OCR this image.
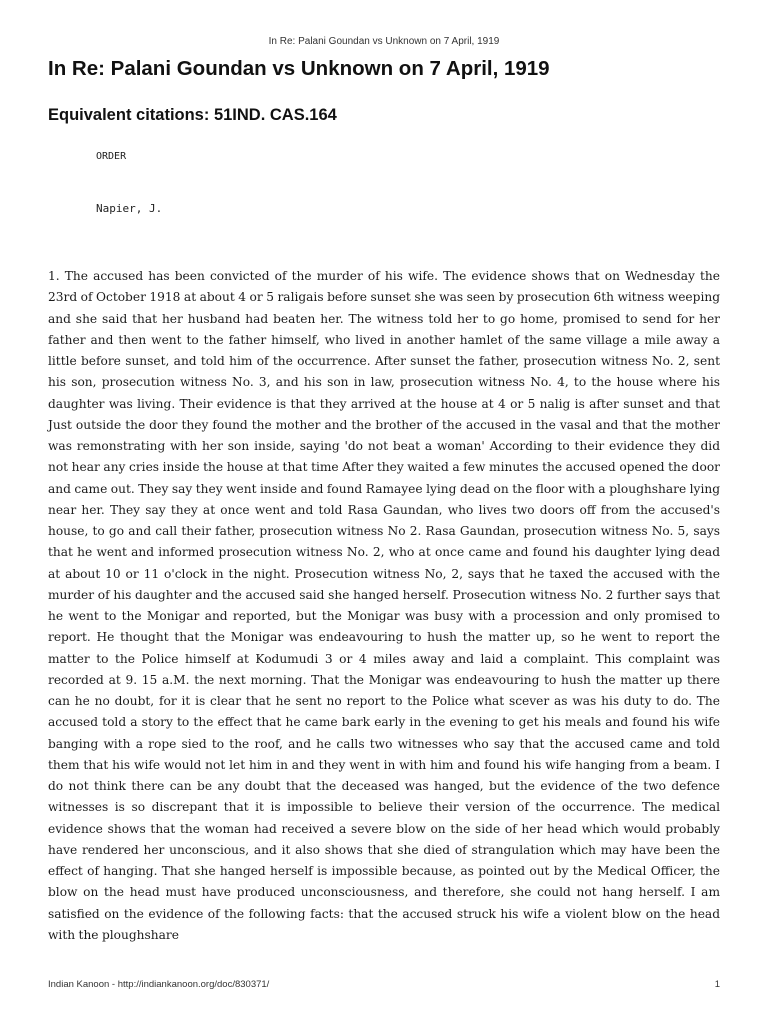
In Re: Palani Goundan vs Unknown on 7 April, 1919
In Re: Palani Goundan vs Unknown on 7 April, 1919
Equivalent citations: 51IND. CAS.164
ORDER
Napier, J.

1. The accused has been convicted of the murder of his wife. The evidence shows that on Wednesday the 23rd of October 1918 at about 4 or 5 raligais before sunset she was seen by prosecution 6th witness weeping and she said that her husband had beaten her. The witness told her to go home, promised to send for her father and then went to the father himself, who lived in another hamlet of the same village a mile away a little before sunset, and told him of the occurrence. After sunset the father, prosecution witness No. 2, sent his son, prosecution witness No. 3, and his son in law, prosecution witness No. 4, to the house where his daughter was living. Their evidence is that they arrived at the house at 4 or 5 nalig is after sunset and that Just outside the door they found the mother and the brother of the accused in the vasal and that the mother was remonstrating with her son inside, saying 'do not beat a woman' According to their evidence they did not hear any cries inside the house at that time After they waited a few minutes the accused opened the door and came out. They say they went inside and found Ramayee lying dead on the floor with a ploughshare lying near her. They say they at once went and told Rasa Gaundan, who lives two doors off from the accused's house, to go and call their father, prosecution witness No 2. Rasa Gaundan, prosecution witness No. 5, says that he went and informed prosecution witness No. 2, who at once came and found his daughter lying dead at about 10 or 11 o'clock in the night. Prosecution witness No, 2, says that he taxed the accused with the murder of his daughter and the accused said she hanged herself. Prosecution witness No. 2 further says that he went to the Monigar and reported, but the Monigar was busy with a procession and only promised to report. He thought that the Monigar was endeavouring to hush the matter up, so he went to report the matter to the Police himself at Kodumudi 3 or 4 miles away and laid a complaint. This complaint was recorded at 9. 15 a.M. the next morning. That the Monigar was endeavouring to hush the matter up there can he no doubt, for it is clear that he sent no report to the Police what scever as was his duty to do. The accused told a story to the effect that he came bark early in the evening to get his meals and found his wife banging with a rope sied to the roof, and he calls two witnesses who say that the accused came and told them that his wife would not let him in and they went in with him and found his wife hanging from a beam. I do not think there can be any doubt that the deceased was hanged, but the evidence of the two defence witnesses is so discrepant that it is impossible to believe their version of the occurrence. The medical evidence shows that the woman had received a severe blow on the side of her head which would probably have rendered her unconscious, and it also shows that she died of strangulation which may have been the effect of hanging. That she hanged herself is impossible because, as pointed out by the Medical Officer, the blow on the head must have produced unconsciousness, and therefore, she could not hang herself. I am satisfied on the evidence of the following facts: that the accused struck his wife a violent blow on the head with the ploughshare

Indian Kanoon - http://indiankanoon.org/doc/830371/	1
